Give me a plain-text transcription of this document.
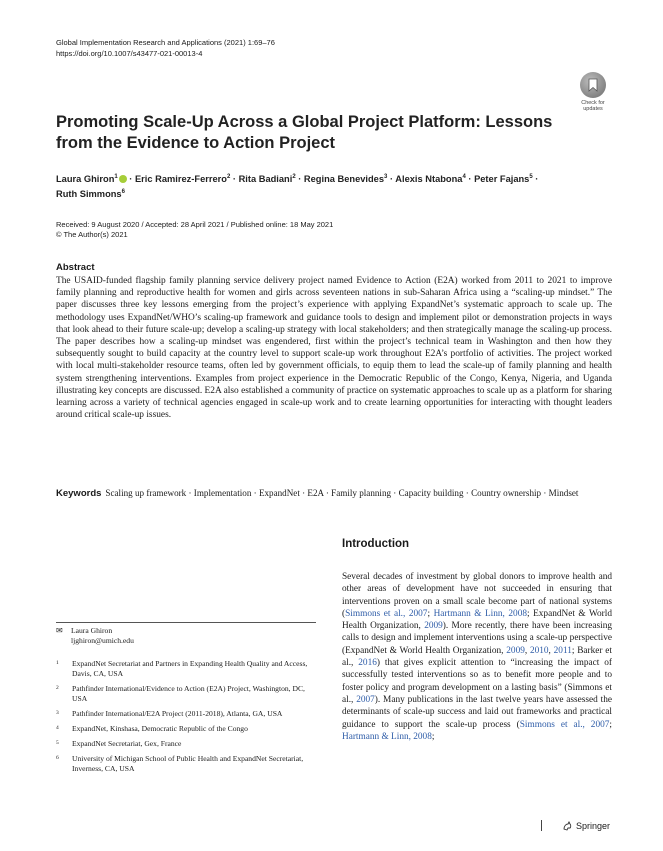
Global Implementation Research and Applications (2021) 1:69–76
https://doi.org/10.1007/s43477-021-00013-4
Check for
updates
Promoting Scale-Up Across a Global Project Platform: Lessons
from the Evidence to Action Project
Laura Ghiron$^1$ · Eric Ramirez-Ferrero$^2$ · Rita Badiani$^2$ · Regina Benevides$^3$ · Alexis Ntabona$^4$ · Peter Fajans$^5$ ·
Ruth Simmons$^6$
Received: 9 August 2020 / Accepted: 28 April 2021 / Published online: 18 May 2021
© The Author(s) 2021
Abstract
The USAID-funded flagship family planning service delivery project named Evidence to Action (E2A) worked from 2011 to 2021 to improve family planning and reproductive health for women and girls across seventeen nations in sub-Saharan Africa using a “scaling-up mindset.” The paper discusses three key lessons emerging from the project’s experience with applying ExpandNet’s systematic approach to scale up. The methodology uses ExpandNet/WHO’s scaling-up framework and guidance tools to design and implement pilot or demonstration projects in ways that look ahead to their future scale-up; develop a scaling-up strategy with local stakeholders; and then strategically manage the scaling-up process. The paper describes how a scaling-up mindset was engendered, first within the project’s technical team in Washington and then how they subsequently sought to build capacity at the country level to support scale-up work throughout E2A’s portfolio of activities. The project worked with local multi-stakeholder resource teams, often led by government officials, to equip them to lead the scale-up of family planning and health system strengthening interventions. Examples from project experience in the Democratic Republic of the Congo, Kenya, Nigeria, and Uganda illustrating key concepts are discussed. E2A also established a community of practice on systematic approaches to scale up as a platform for sharing learning across a variety of technical agencies engaged in scale-up work and to create learning opportunities for interacting with thought leaders around critical scale-up issues.
Keywords Scaling up framework · Implementation · ExpandNet · E2A · Family planning · Capacity building · Country ownership · Mindset
Introduction
Several decades of investment by global donors to improve health and other areas of development have not succeeded in ensuring that interventions proven on a small scale become part of national systems (Simmons et al., 2007; Hartmann & Linn, 2008; ExpandNet & World Health Organization, 2009). More recently, there have been increasing calls to design and implement interventions using a scale-up perspective (ExpandNet & World Health Organization, 2009, 2010, 2011; Barker et al., 2016) that gives explicit attention to “increasing the impact of successfully tested interventions so as to benefit more people and to foster policy and program development on a lasting basis” (Simmons et al., 2007). Many publications in the last twelve years have assessed the determinants of scale-up success and laid out frameworks and practical guidance to support the scale-up process (Simmons et al., 2007; Hartmann & Linn, 2008;
✉ Laura Ghiron
ljghiron@umich.edu
1	ExpandNet Secretariat and Partners in Expanding Health Quality and Access, Davis, CA, USA
2	Pathfinder International/Evidence to Action (E2A) Project, Washington, DC, USA
3	Pathfinder International/E2A Project (2011-2018), Atlanta, GA, USA
4	ExpandNet, Kinshasa, Democratic Republic of the Congo
5	ExpandNet Secretariat, Gex, France
6	University of Michigan School of Public Health and ExpandNet Secretariat, Inverness, CA, USA
Springer
